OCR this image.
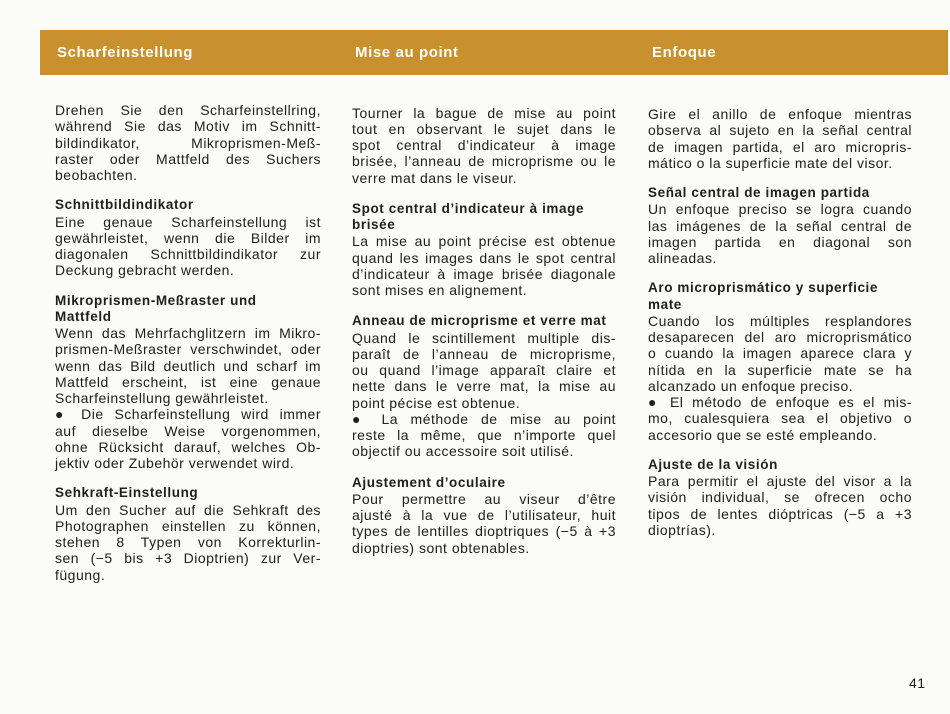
Scharfeinstellung	Mise au point	Enfoque
Drehen Sie den Scharfeinstellring,
während Sie das Motiv im Schnitt-
bildindikator, Mikroprismen-Meß-
raster oder Mattfeld des Suchers
beobachten.
Schnittbildindikator
Eine genaue Scharfeinstellung ist
gewährleistet, wenn die Bilder im
diagonalen Schnittbildindikator zur
Deckung gebracht werden.
Mikroprismen-Meßraster und
Mattfeld
Wenn das Mehrfachglitzern im Mikro-
prismen-Meßraster verschwindet, oder
wenn das Bild deutlich und scharf im
Mattfeld erscheint, ist eine genaue
Scharfeinstellung gewährleistet.
● Die Scharfeinstellung wird immer
auf dieselbe Weise vorgenommen,
ohne Rücksicht darauf, welches Ob-
jektiv oder Zubehör verwendet wird.
Sehkraft-Einstellung
Um den Sucher auf die Sehkraft des
Photographen einstellen zu können,
stehen 8 Typen von Korrekturlin-
sen (−5 bis +3 Dioptrien) zur Ver-
fügung.
Tourner la bague de mise au point
tout en observant le sujet dans le
spot central d’indicateur à image
brisée, l’anneau de microprisme ou le
verre mat dans le viseur.
Spot central d’indicateur à image
brisée
La mise au point précise est obtenue
quand les images dans le spot central
d’indicateur à image brisée diagonale
sont mises en alignement.
Anneau de microprisme et verre mat
Quand le scintillement multiple dis-
paraît de l’anneau de microprisme,
ou quand l’image apparaît claire et
nette dans le verre mat, la mise au
point pécise est obtenue.
● La méthode de mise au point
reste la même, que n’importe quel
objectif ou accessoire soit utilisé.
Ajustement d’oculaire
Pour permettre au viseur d’être
ajusté à la vue de l’utilisateur, huit
types de lentilles dioptriques (−5 à +3
dioptries) sont obtenables.
Gire el anillo de enfoque mientras
observa al sujeto en la señal central
de imagen partida, el aro micropris-
mático o la superficie mate del visor.
Señal central de imagen partida
Un enfoque preciso se logra cuando
las imágenes de la señal central de
imagen partida en diagonal son
alineadas.
Aro microprismático y superficie
mate
Cuando los múltiples resplandores
desaparecen del aro microprismático
o cuando la imagen aparece clara y
nítida en la superficie mate se ha
alcanzado un enfoque preciso.
● El método de enfoque es el mis-
mo, cualesquiera sea el objetivo o
accesorio que se esté empleando.
Ajuste de la visión
Para permitir el ajuste del visor a la
visión individual, se ofrecen ocho
tipos de lentes dióptricas (−5 a +3
dioptrías).
41
